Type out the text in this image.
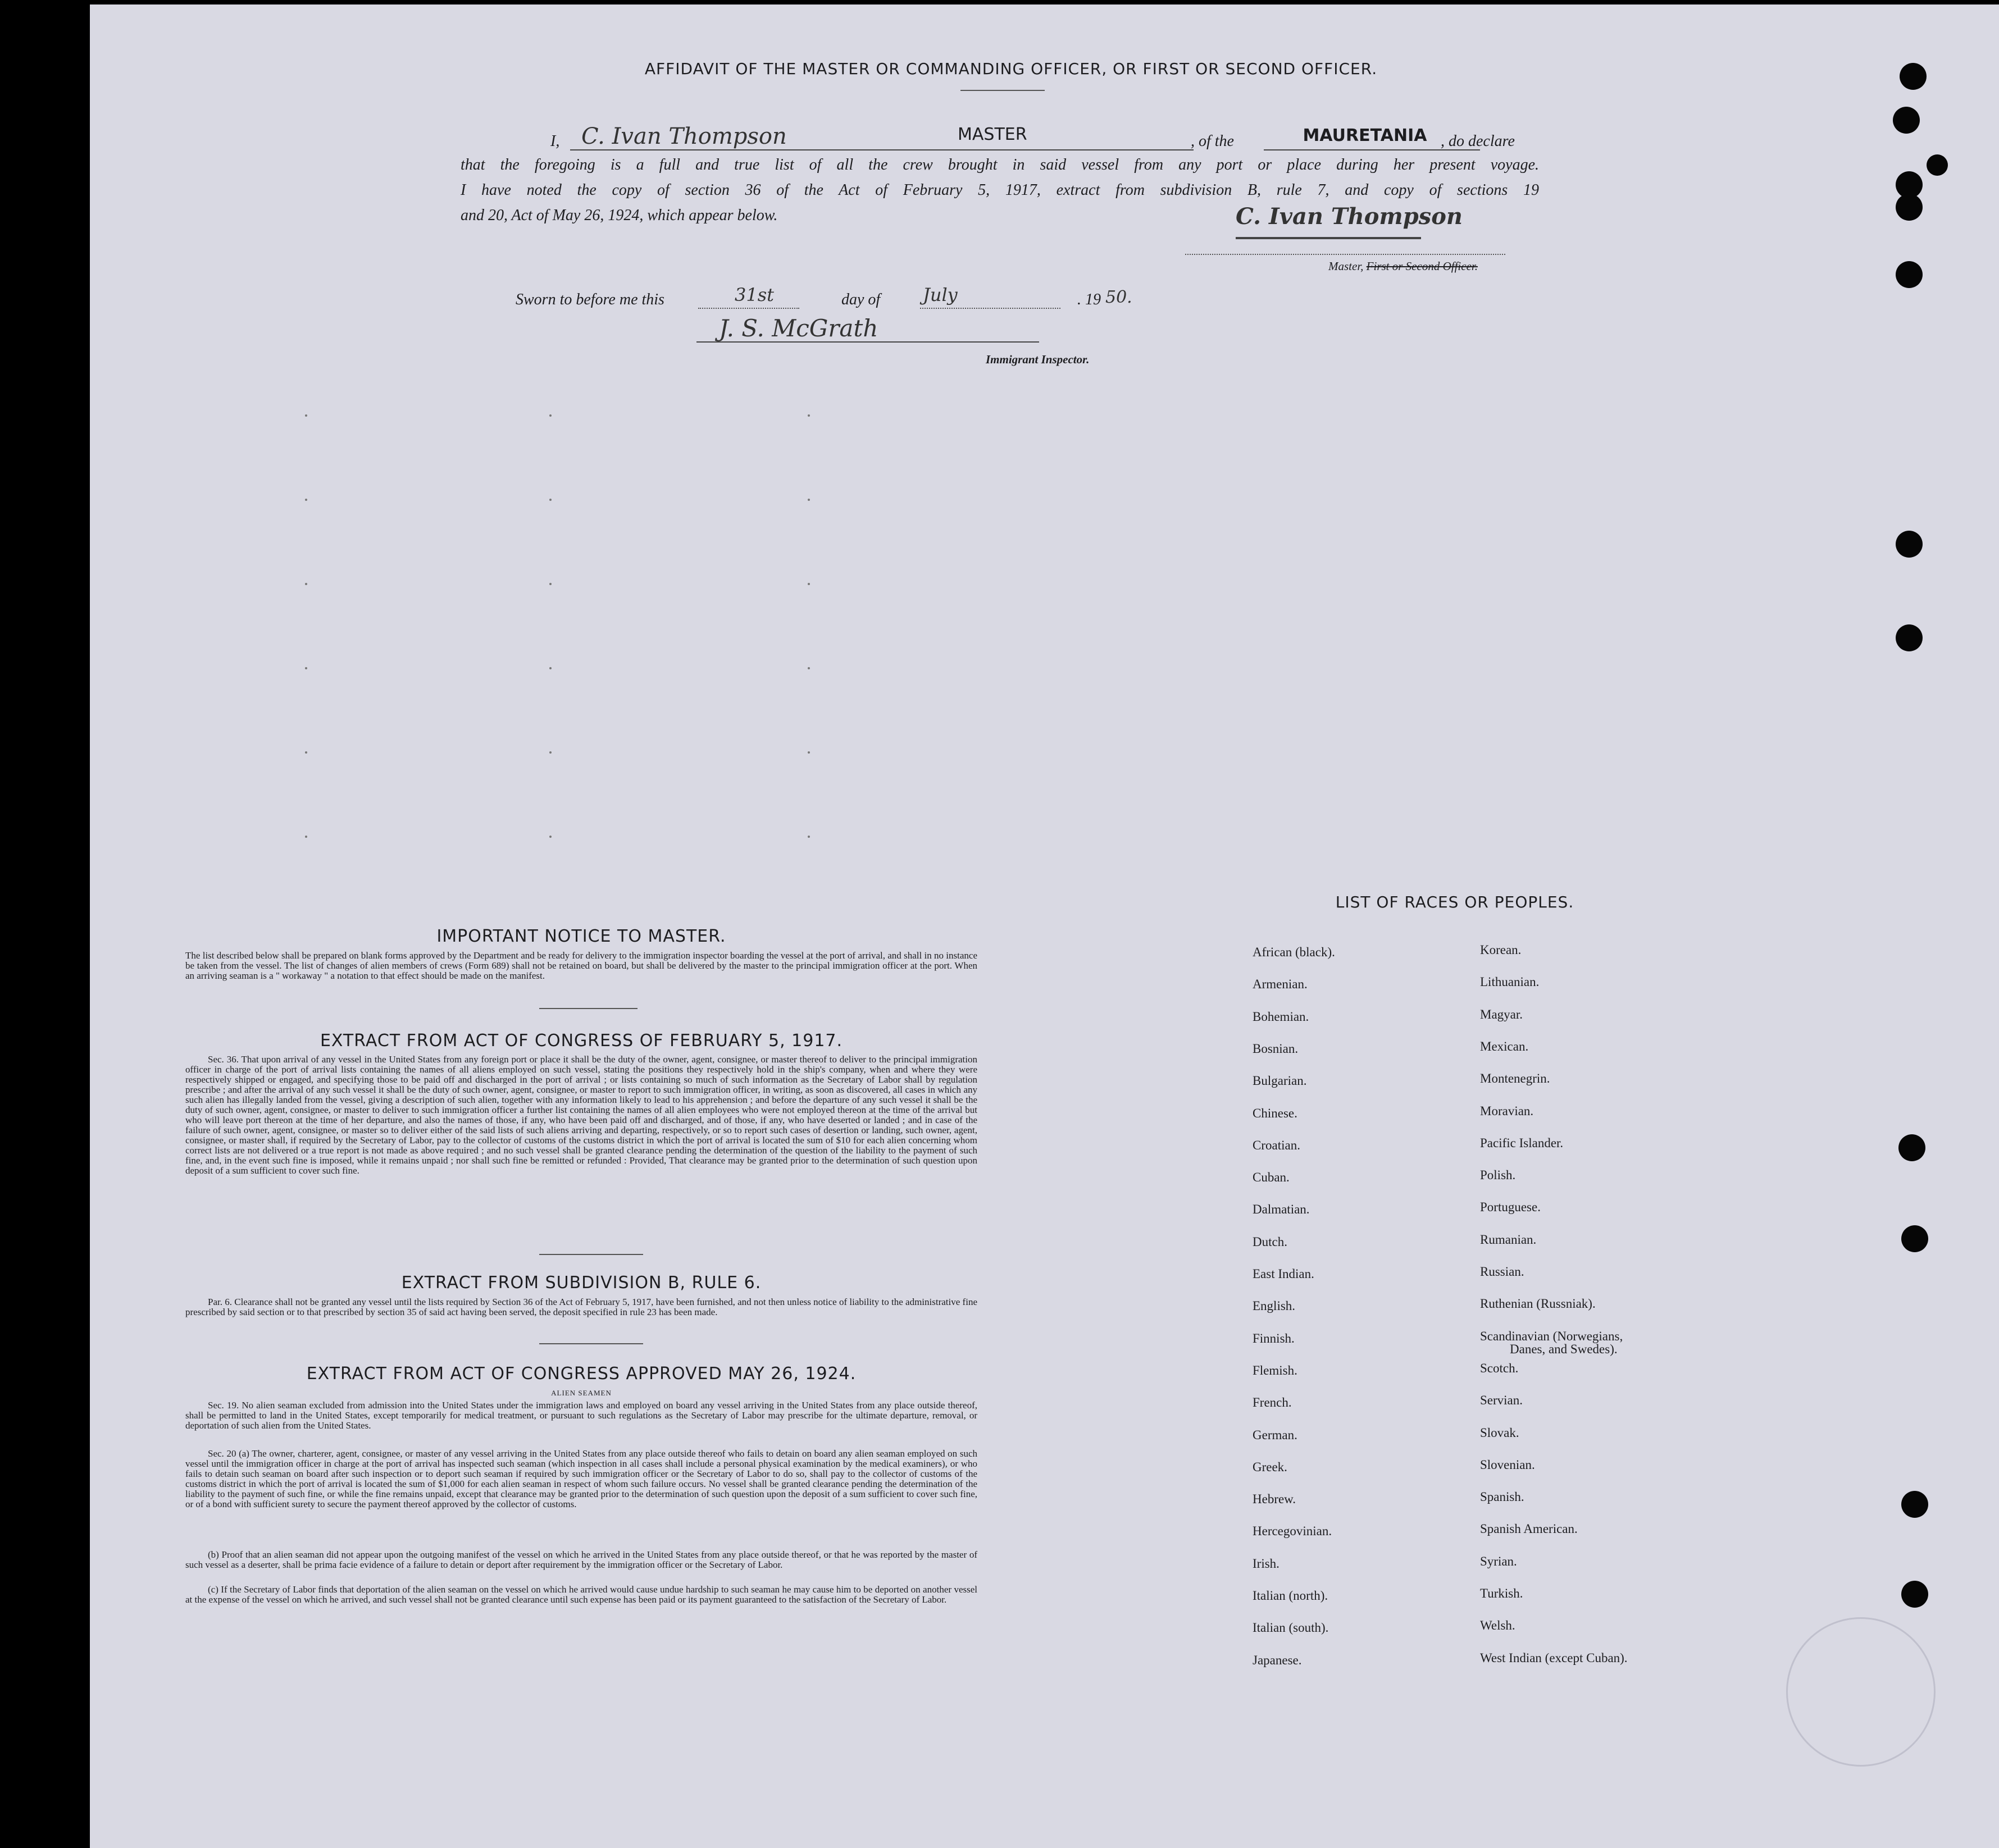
AFFIDAVIT OF THE MASTER OR COMMANDING OFFICER, OR FIRST OR SECOND OFFICER.
I, C. Ivan Thompson	MASTER	, of the	MAURETANIA , do declare
that the foregoing is a full and true list of all the crew brought in said vessel from any port or place during her present voyage.
I have noted the copy of section 36 of the Act of February 5, 1917, extract from subdivision B, rule 7, and copy of sections 19
and 20, Act of May 26, 1924, which appear below.	C. Ivan Thompson
Master, First or Second Officer.
Sworn to before me this	31st	day of July	. 19 50.
J. S. McGrath
Immigrant Inspector.
IMPORTANT NOTICE TO MASTER.
The list described below shall be prepared on blank forms approved by the Department and be ready for delivery to the immigration inspector boarding the vessel at the port of arrival, and shall in no instance be taken from the vessel. The list of changes of alien members of crews (Form 689) shall not be retained on board, but shall be delivered by the master to the principal immigration officer at the port. When an arriving seaman is a " workaway " a notation to that effect should be made on the manifest.
EXTRACT FROM ACT OF CONGRESS OF FEBRUARY 5, 1917.
Sec. 36. That upon arrival of any vessel in the United States from any foreign port or place it shall be the duty of the owner, agent, consignee, or master thereof to deliver to the principal immigration officer in charge of the port of arrival lists containing the names of all aliens employed on such vessel, stating the positions they respectively hold in the ship's company, when and where they were respectively shipped or engaged, and specifying those to be paid off and discharged in the port of arrival ; or lists containing so much of such information as the Secretary of Labor shall by regulation prescribe ; and after the arrival of any such vessel it shall be the duty of such owner, agent, consignee, or master to report to such immigration officer, in writing, as soon as discovered, all cases in which any such alien has illegally landed from the vessel, giving a description of such alien, together with any information likely to lead to his apprehension ; and before the departure of any such vessel it shall be the duty of such owner, agent, consignee, or master to deliver to such immigration officer a further list containing the names of all alien employees who were not employed thereon at the time of the arrival but who will leave port thereon at the time of her departure, and also the names of those, if any, who have been paid off and discharged, and of those, if any, who have deserted or landed ; and in case of the failure of such owner, agent, consignee, or master so to deliver either of the said lists of such aliens arriving and departing, respectively, or so to report such cases of desertion or landing, such owner, agent, consignee, or master shall, if required by the Secretary of Labor, pay to the collector of customs of the customs district in which the port of arrival is located the sum of $10 for each alien concerning whom correct lists are not delivered or a true report is not made as above required ; and no such vessel shall be granted clearance pending the determination of the question of the liability to the payment of such fine, and, in the event such fine is imposed, while it remains unpaid ; nor shall such fine be remitted or refunded : Provided, That clearance may be granted prior to the determination of such question upon deposit of a sum sufficient to cover such fine.
EXTRACT FROM SUBDIVISION B, RULE 6.
Par. 6. Clearance shall not be granted any vessel until the lists required by Section 36 of the Act of February 5, 1917, have been furnished, and not then unless notice of liability to the administrative fine prescribed by said section or to that prescribed by section 35 of said act having been served, the deposit specified in rule 23 has been made.
EXTRACT FROM ACT OF CONGRESS APPROVED MAY 26, 1924.
ALIEN SEAMEN
Sec. 19. No alien seaman excluded from admission into the United States under the immigration laws and employed on board any vessel arriving in the United States from any place outside thereof, shall be permitted to land in the United States, except temporarily for medical treatment, or pursuant to such regulations as the Secretary of Labor may prescribe for the ultimate departure, removal, or deportation of such alien from the United States.
Sec. 20 (a) The owner, charterer, agent, consignee, or master of any vessel arriving in the United States from any place outside thereof who fails to detain on board any alien seaman employed on such vessel until the immigration officer in charge at the port of arrival has inspected such seaman (which inspection in all cases shall include a personal physical examination by the medical examiners), or who fails to detain such seaman on board after such inspection or to deport such seaman if required by such immigration officer or the Secretary of Labor to do so, shall pay to the collector of customs of the customs district in which the port of arrival is located the sum of $1,000 for each alien seaman in respect of whom such failure occurs. No vessel shall be granted clearance pending the determination of the liability to the payment of such fine, or while the fine remains unpaid, except that clearance may be granted prior to the determination of such question upon the deposit of a sum sufficient to cover such fine, or of a bond with sufficient surety to secure the payment thereof approved by the collector of customs.
(b) Proof that an alien seaman did not appear upon the outgoing manifest of the vessel on which he arrived in the United States from any place outside thereof, or that he was reported by the master of such vessel as a deserter, shall be prima facie evidence of a failure to detain or deport after requirement by the immigration officer or the Secretary of Labor.
(c) If the Secretary of Labor finds that deportation of the alien seaman on the vessel on which he arrived would cause undue hardship to such seaman he may cause him to be deported on another vessel at the expense of the vessel on which he arrived, and such vessel shall not be granted clearance until such expense has been paid or its payment guaranteed to the satisfaction of the Secretary of Labor.
LIST OF RACES OR PEOPLES.
African (black).
Armenian.
Bohemian.
Bosnian.
Bulgarian.
Chinese.
Croatian.
Cuban.
Dalmatian.
Dutch.
East Indian.
English.
Finnish.
Flemish.
French.
German.
Greek.
Hebrew.
Hercegovinian.
Irish.
Italian (north).
Italian (south).
Japanese.
Korean.
Lithuanian.
Magyar.
Mexican.
Montenegrin.
Moravian.
Pacific Islander.
Polish.
Portuguese.
Rumanian.
Russian.
Ruthenian (Russniak).
Scandinavian (Norwegians,
Scotch.
Servian.
Slovak.
Slovenian.
Spanish.
Spanish American.
Syrian.
Turkish.
Welsh.
West Indian (except Cuban).
Danes, and Swedes).
